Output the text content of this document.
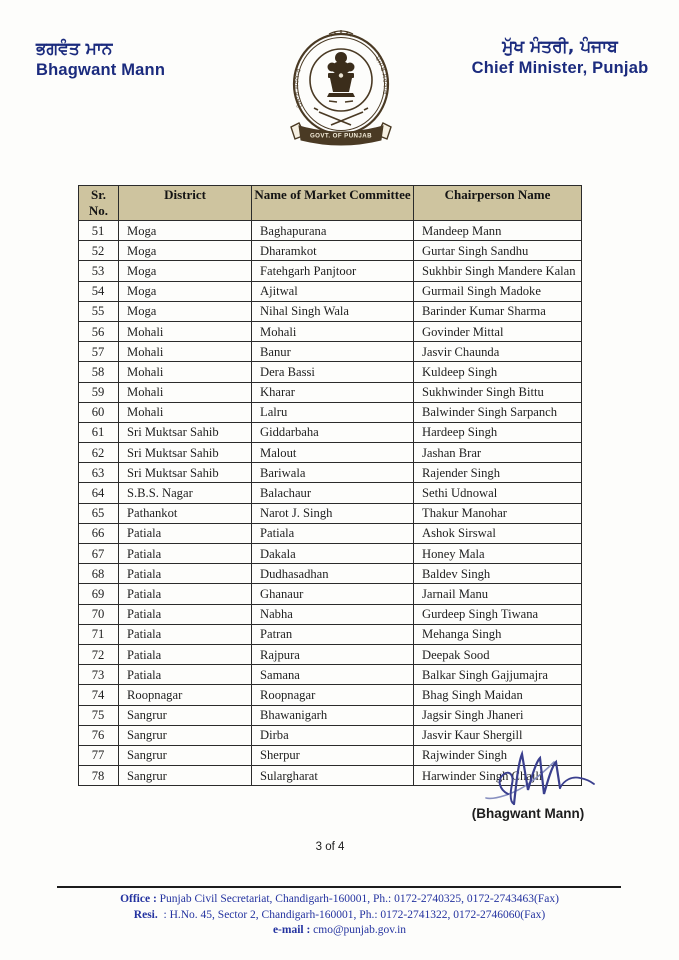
ਭਗਵੰਤ ਮਾਨ
Bhagwant Mann
ਪੰਜਾਬ ਸਰਕਾਰ
ਪੰਜਾਬ ਸਰਕਾਰ
GOVT. OF PUNJAB
ਮੁੱਖ ਮੰਤਰੀ, ਪੰਜਾਬ
Chief Minister, Punjab
Sr. No.	District	Name of Market Committee	Chairperson Name
51	Moga	Baghapurana	Mandeep Mann
52	Moga	Dharamkot	Gurtar Singh Sandhu
53	Moga	Fatehgarh Panjtoor	Sukhbir Singh Mandere Kalan
54	Moga	Ajitwal	Gurmail Singh Madoke
55	Moga	Nihal Singh Wala	Barinder Kumar Sharma
56	Mohali	Mohali	Govinder Mittal
57	Mohali	Banur	Jasvir Chaunda
58	Mohali	Dera Bassi	Kuldeep Singh
59	Mohali	Kharar	Sukhwinder Singh Bittu
60	Mohali	Lalru	Balwinder Singh Sarpanch
61	Sri Muktsar Sahib	Giddarbaha	Hardeep Singh
62	Sri Muktsar Sahib	Malout	Jashan Brar
63	Sri Muktsar Sahib	Bariwala	Rajender Singh
64	S.B.S. Nagar	Balachaur	Sethi Udnowal
65	Pathankot	Narot J. Singh	Thakur Manohar
66	Patiala	Patiala	Ashok Sirswal
67	Patiala	Dakala	Honey Mala
68	Patiala	Dudhasadhan	Baldev Singh
69	Patiala	Ghanaur	Jarnail Manu
70	Patiala	Nabha	Gurdeep Singh Tiwana
71	Patiala	Patran	Mehanga Singh
72	Patiala	Rajpura	Deepak Sood
73	Patiala	Samana	Balkar Singh Gajjumajra
74	Roopnagar	Roopnagar	Bhag Singh Maidan
75	Sangrur	Bhawanigarh	Jagsir Singh Jhaneri
76	Sangrur	Dirba	Jasvir Kaur Shergill
77	Sangrur	Sherpur	Rajwinder Singh
78	Sangrur	Sulargharat	Harwinder Singh Chajli
(Bhagwant Mann)
3 of 4
Office : Punjab Civil Secretariat, Chandigarh-160001, Ph.: 0172-2740325, 0172-2743463(Fax)
Resi. : H.No. 45, Sector 2, Chandigarh-160001, Ph.: 0172-2741322, 0172-2746060(Fax)
e-mail : cmo@punjab.gov.in
